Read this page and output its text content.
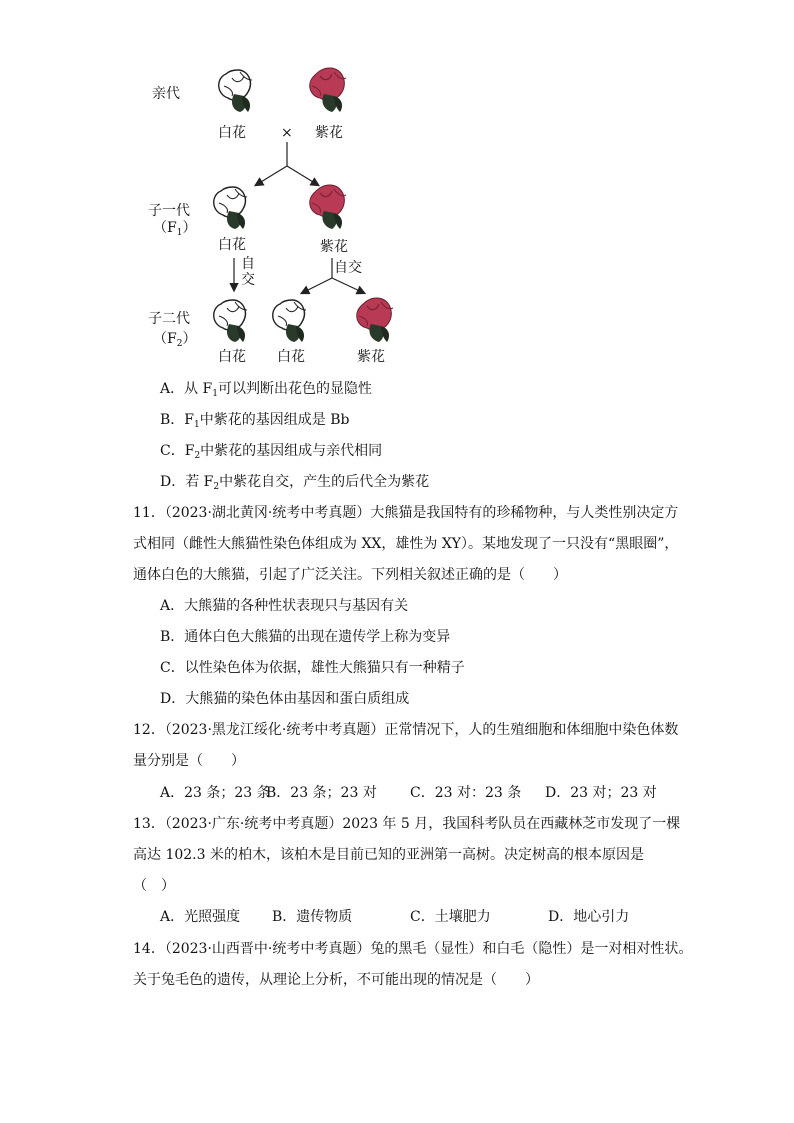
亲代
白花	× 紫花
子一代
$(F_1)$
白花	紫花
自
交
自交
子二代
$(F_2)$
白花 白花	紫花
A．从 $F_1$可以判断出花色的显隐性
B．$F_1$中紫花的基因组成是 Bb
C．$F_2$中紫花的基因组成与亲代相同
D．若 $F_2$中紫花自交，产生的后代全为紫花
11．（2023·湖北黄冈·统考中考真题）大熊猫是我国特有的珍稀物种，与人类性别决定方
式相同（雌性大熊猫性染色体组成为 XX，雄性为 XY）。某地发现了一只没有“黑眼圈”，
通体白色的大熊猫，引起了广泛关注。下列相关叙述正确的是（　　）
A．大熊猫的各种性状表现只与基因有关
B．通体白色大熊猫的出现在遗传学上称为变异
C．以性染色体为依据，雄性大熊猫只有一种精子
D．大熊猫的染色体由基因和蛋白质组成
12．（2023·黑龙江绥化·统考中考真题）正常情况下，人的生殖细胞和体细胞中染色体数
量分别是（　　）
A．23 条；23 条
B．23 条；23 对 C．23 对：23 条 D．23 对；23 对
13．（2023·广东·统考中考真题）2023 年 5 月，我国科考队员在西藏林芝市发现了一棵
高达 102.3 米的柏木，该柏木是目前已知的亚洲第一高树。决定树高的根本原因是
（　）
A．光照强度 B．遗传物质	C．土壤肥力	D．地心引力
14．（2023·山西晋中·统考中考真题）兔的黑毛（显性）和白毛（隐性）是一对相对性状。
关于兔毛色的遗传，从理论上分析，不可能出现的情况是（　　）
